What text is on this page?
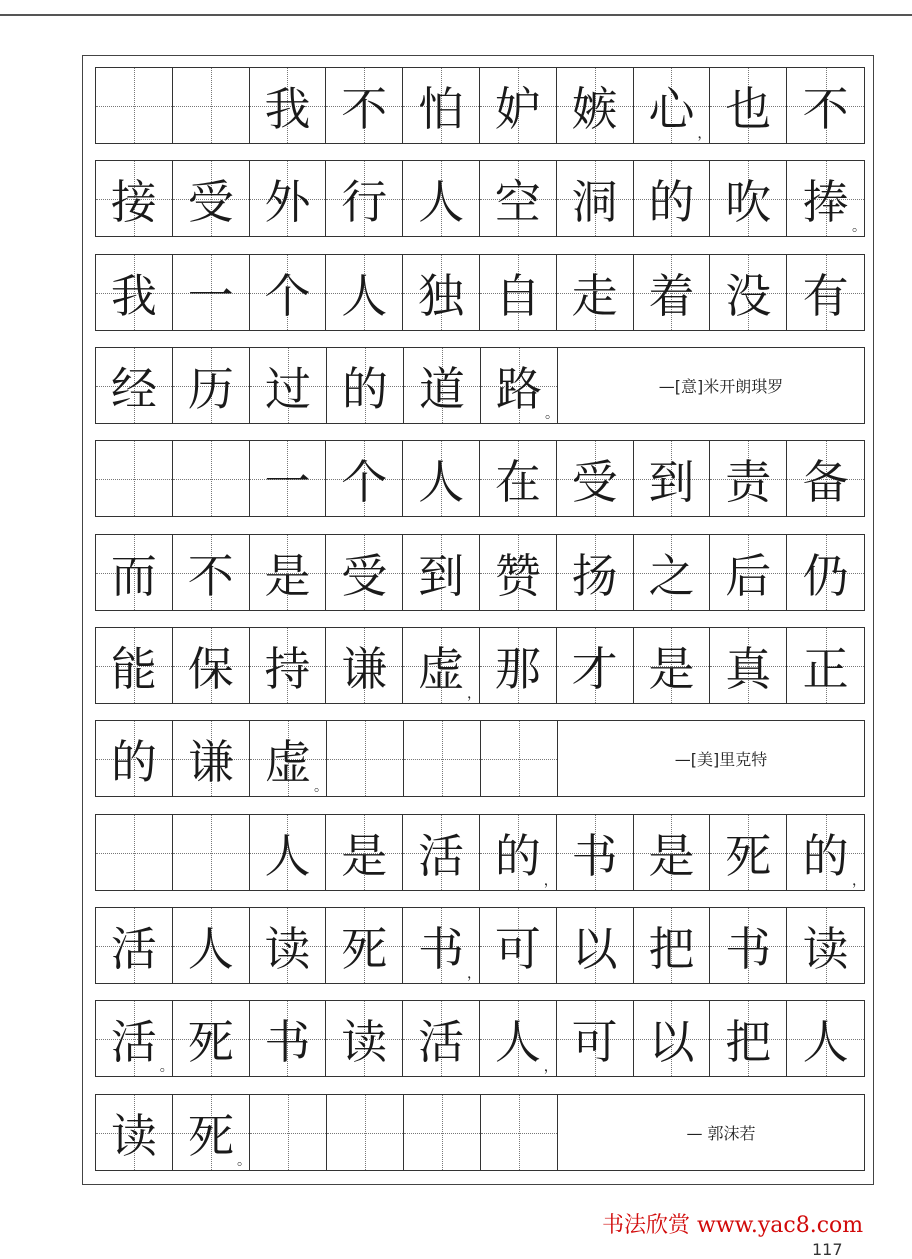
我 不 怕 妒 嫉 心 ， 也 不
接 受 外 行 人 空 洞 的 吹 捧 。
我 一 个 人 独 自 走 着 没 有
经 历 过 的 道 路 。
—[意]米开朗琪罗
一 个 人 在 受 到 责 备
而 不 是 受 到 赞 扬 之 后 仍
能 保 持 谦 虚 ， 那 才 是 真 正
的 谦 虚 。
—[美]里克特
人 是 活 的 ， 书 是 死 的 ，
活 人 读 死 书 ， 可 以 把 书 读
活 。 死 书 读 活 人 ， 可 以 把 人
读 死 。
— 郭沫若
书法欣赏 www.yac8.com
117
